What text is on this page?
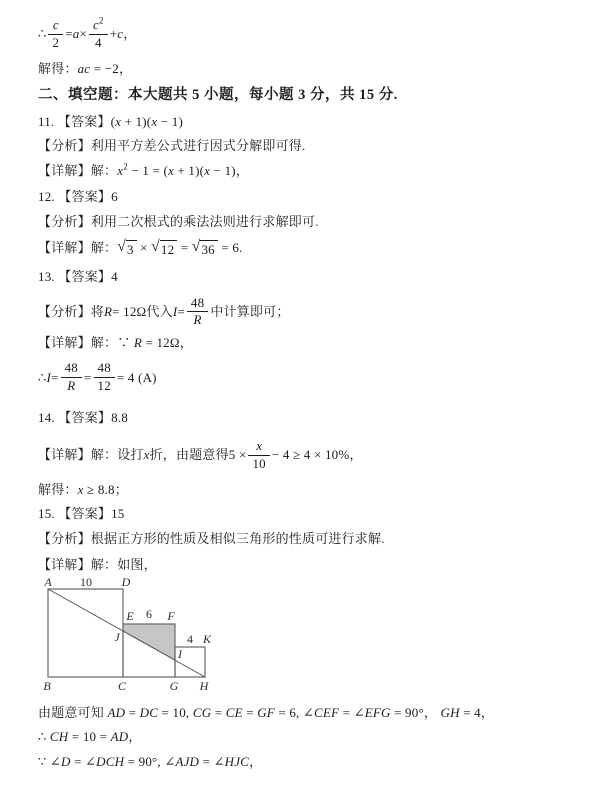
∴ $\frac{c}{2} = a \times \frac{c^2}{4} + c$ ，
解得：ac = −2，
二、填空题：本大题共 5 小题，每小题 3 分，共 15 分.
11. 【答案】(x + 1)(x − 1)
【分析】利用平方差公式进行因式分解即可得.
【详解】解：$x^2 - 1 = (x + 1)(x - 1)$，
12. 【答案】6
【分析】利用二次根式的乘法法则进行求解即可.
【详解】解： √ 3 × √ 12 = √ 36 = 6.
13. 【答案】4
【分析】将 R = 12Ω 代入 $I = \frac{48}{R}$ 中计算即可；
【详解】解：∵ R = 12Ω，
∴ $I = \frac{48}{R} = \frac{48}{12} = 4$ (A)
14. 【答案】8.8
【详解】解：设打 x 折，由题意得 $5 \times \frac{x}{10} - 4 \ge 4 \times 10\%$ ，
解得：x ≥ 8.8；
15. 【答案】15
【分析】根据正方形的性质及相似三角形的性质可进行求解.
【详解】解：如图，
A 10 D
E 6 F
4 K
J
I
B	C	G H
由题意可知 AD = DC = 10, CG = CE = GF = 6, ∠CEF = ∠EFG = 90°， GH = 4，
∴ CH = 10 = AD，
∵ ∠D = ∠DCH = 90°, ∠AJD = ∠HJC，
